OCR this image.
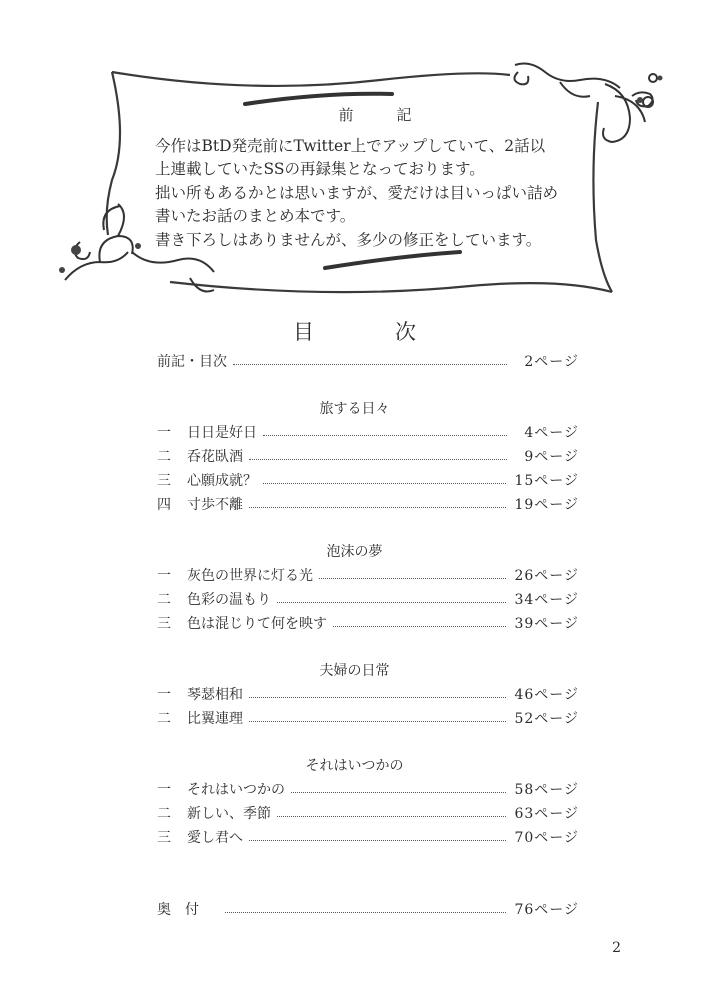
前　記

今作はBtD発売前にTwitter上でアップしていて、2話以

上連載していたSSの再録集となっております。

拙い所もあるかとは思いますが、愛だけは目いっぱい詰め

書いたお話のまとめ本です。

書き下ろしはありませんが、多少の修正をしています。

目　次
前記・目次	2ページ
旅する日々
一	日日是好日	4ページ
二	呑花臥酒	9ページ
三	心願成就？	15ページ
四	寸歩不離	19ページ
泡沫の夢
一	灰色の世界に灯る光	26ページ
二	色彩の温もり	34ページ
三	色は混じりて何を映す	39ページ
夫婦の日常
一	琴瑟相和	46ページ
二	比翼連理	52ページ
それはいつかの
一	それはいつかの	58ページ
二	新しい、季節	63ページ
三	愛し君へ	70ページ
奥　付	76ページ
2
